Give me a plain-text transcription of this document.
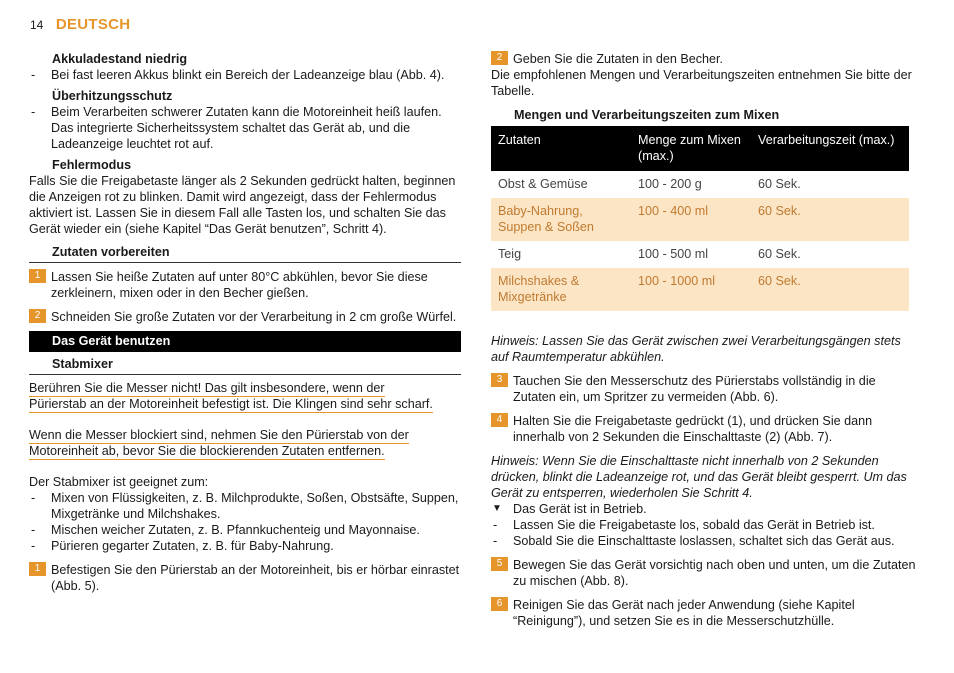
14 DEUTSCH
Akkuladestand niedrig

- Bei fast leeren Akkus blinkt ein Bereich der Ladeanzeige blau (Abb. 4).

Überhitzungsschutz

- Beim Verarbeiten schwerer Zutaten kann die Motoreinheit heiß laufen. Das integrierte Sicherheitssystem schaltet das Gerät ab, und die Ladeanzeige leuchtet rot auf.

Fehlermodus

Falls Sie die Freigabetaste länger als 2 Sekunden gedrückt halten, beginnen die Anzeigen rot zu blinken. Damit wird angezeigt, dass der Fehlermodus aktiviert ist. Lassen Sie in diesem Fall alle Tasten los, und schalten Sie das Gerät wieder ein (siehe Kapitel “Das Gerät benutzen”, Schritt 4).

Zutaten vorbereiten

1 Lassen Sie heiße Zutaten auf unter 80°C abkühlen, bevor Sie diese zerkleinern, mixen oder in den Becher gießen.

2 Schneiden Sie große Zutaten vor der Verarbeitung in 2 cm große Würfel.

Das Gerät benutzen
Stabmixer
Berühren Sie die Messer nicht! Das gilt insbesondere, wenn der
Pürierstab an der Motoreinheit befestigt ist. Die Klingen sind sehr scharf.
Wenn die Messer blockiert sind, nehmen Sie den Pürierstab von der
Motoreinheit ab, bevor Sie die blockierenden Zutaten entfernen.

Der Stabmixer ist geeignet zum:

- Mixen von Flüssigkeiten, z. B. Milchprodukte, Soßen, Obstsäfte, Suppen, Mixgetränke und Milchshakes.

- Mischen weicher Zutaten, z. B. Pfannkuchenteig und Mayonnaise.

- Pürieren gegarter Zutaten, z. B. für Baby-Nahrung.

1 Befestigen Sie den Pürierstab an der Motoreinheit, bis er hörbar einrastet (Abb. 5).

2 Geben Sie die Zutaten in den Becher.

Die empfohlenen Mengen und Verarbeitungszeiten entnehmen Sie bitte der Tabelle.

Mengen und Verarbeitungszeiten zum Mixen
Zutaten	Menge zum Mixen (max.)	Verarbeitungszeit (max.)
Obst & Gemüse	100 - 200 g	60 Sek.
Baby-Nahrung, Suppen & Soßen	100 - 400 ml	60 Sek.
Teig	100 - 500 ml	60 Sek.
Milchshakes & Mixgetränke	100 - 1000 ml	60 Sek.

Hinweis: Lassen Sie das Gerät zwischen zwei Verarbeitungsgängen stets auf Raumtemperatur abkühlen.

3 Tauchen Sie den Messerschutz des Pürierstabs vollständig in die Zutaten ein, um Spritzer zu vermeiden (Abb. 6).

4 Halten Sie die Freigabetaste gedrückt (1), und drücken Sie dann innerhalb von 2 Sekunden die Einschalttaste (2) (Abb. 7).

Hinweis: Wenn Sie die Einschalttaste nicht innerhalb von 2 Sekunden drücken, blinkt die Ladeanzeige rot, und das Gerät bleibt gesperrt. Um das Gerät zu entsperren, wiederholen Sie Schritt 4.

▼ Das Gerät ist in Betrieb.

- Lassen Sie die Freigabetaste los, sobald das Gerät in Betrieb ist.

- Sobald Sie die Einschalttaste loslassen, schaltet sich das Gerät aus.

5 Bewegen Sie das Gerät vorsichtig nach oben und unten, um die Zutaten zu mischen (Abb. 8).

6 Reinigen Sie das Gerät nach jeder Anwendung (siehe Kapitel “Reinigung”), und setzen Sie es in die Messerschutzhülle.
